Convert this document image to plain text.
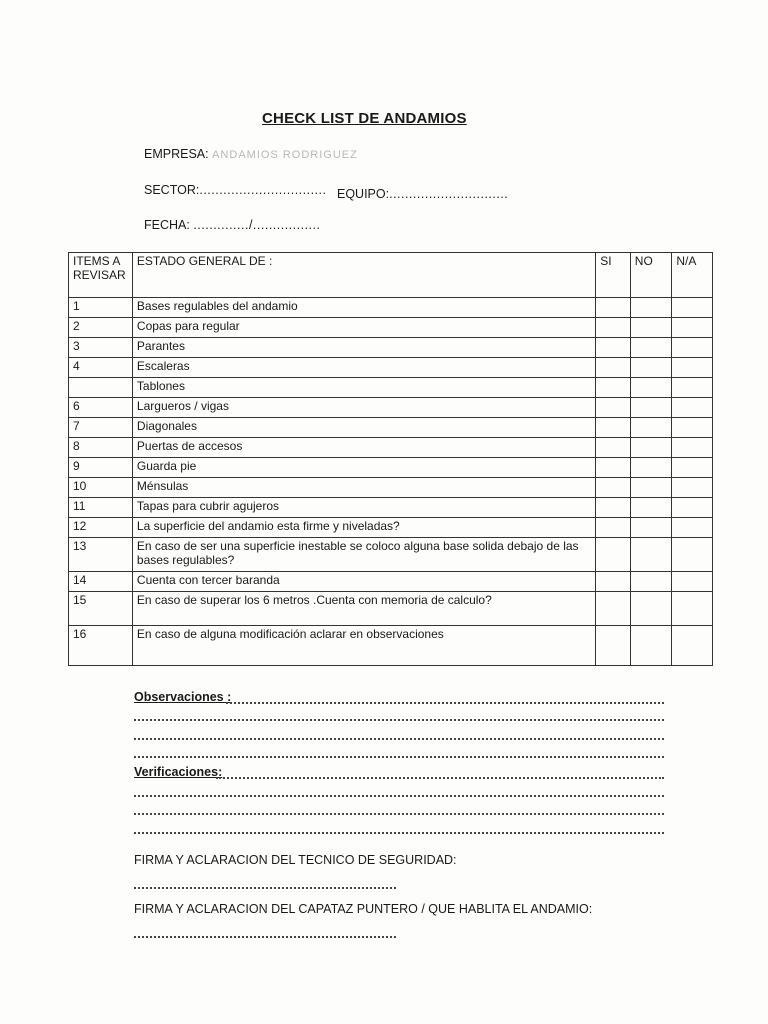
CHECK LIST DE ANDAMIOS
EMPRESA: ANDAMIOS RODRIGUEZ
SECTOR:................................ EQUIPO:..............................
FECHA: ............../.................
ITEMS A REVISAR	ESTADO GENERAL DE :	SI	NO	N/A
1	Bases regulables del andamio			
2	Copas para regular			
3	Parantes			
4	Escaleras			
	Tablones			
6	Largueros / vigas			
7	Diagonales			
8	Puertas de accesos			
9	Guarda pie			
10	Ménsulas			
11	Tapas para cubrir agujeros			
12	La superficie del andamio esta firme y niveladas?			
13	En caso de ser una superficie inestable se coloco alguna base solida debajo de las bases regulables?			
14	Cuenta con tercer baranda			
15	En caso de superar los 6 metros .Cuenta con memoria de calculo?			
16	En caso de alguna modificación aclarar en observaciones			
Observaciones :
Verificaciones:
FIRMA Y ACLARACION DEL TECNICO DE SEGURIDAD:
FIRMA Y ACLARACION DEL CAPATAZ PUNTERO / QUE HABLITA EL ANDAMIO:
